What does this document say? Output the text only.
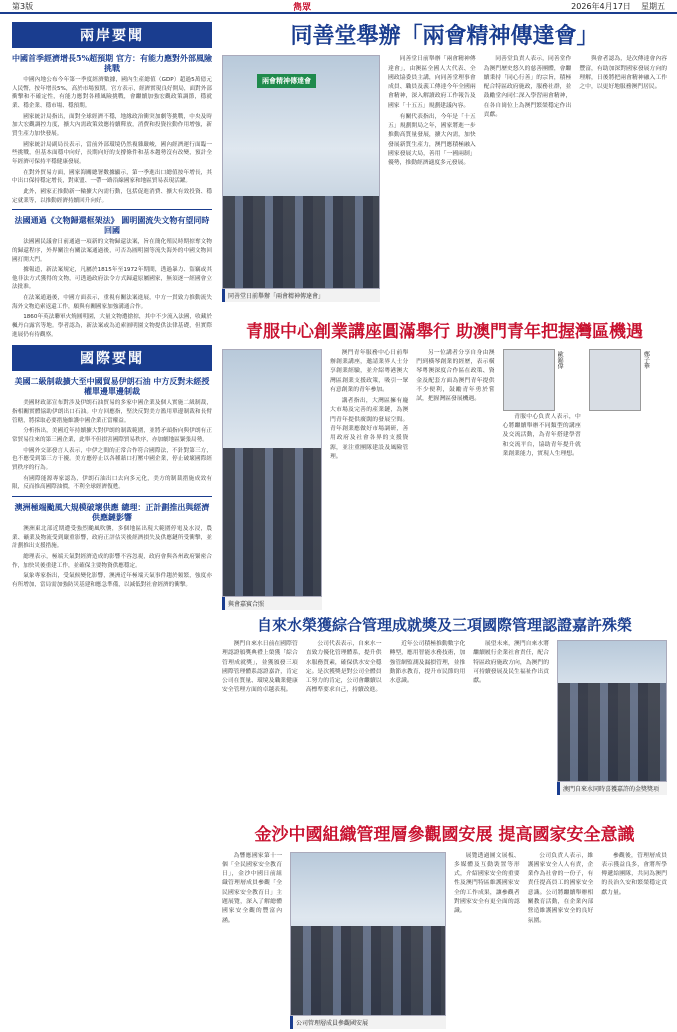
第3版	雋眾	2026年4月17日 星期五
兩岸要聞
中國首季經濟增長5%超預期 官方：有能力應對外部風險挑戰

中國內地公布今年第一季度經濟數據，國內生產總值（GDP）超過5萬億元人民幣，按年增長5%，高於市場預期。官方表示，經濟實現良好開局，面對外部衝擊和不確定性，有能力應對各種風險挑戰，會繼續加強宏觀政策調節，穩就業、穩企業、穩市場、穩預期。

國家統計局指出，面對全球經濟不穩，地緣政治衝突加劇等挑戰，中央及時加大宏觀調控力度，擴大內需政策效應持續釋放，消費和投資拉動作用增強，新質生產力加快發展。

國家統計局副局長表示，當前外部環境仍然複雜嚴峻，國內經濟運行面臨一些挑戰，但基本面穩中向好，長期向好的支撐條件和基本趨勢沒有改變，預計全年經濟可保持平穩健康發展。

在對外貿易方面，國家海關總署數據顯示，第一季進出口總值按年增長，其中出口保持穩定增長，對東盟、一帶一路沿線國家和地區貿易表現活躍。

此外，國家正推動新一輪擴大內需行動，包括促進消費、擴大有效投資、穩定就業等，以推動經濟持續回升向好。

法國通過《文物歸還框架法》 圓明園流失文物有望同時回國

法國國民議會日前通過一項新的文物歸還法案，旨在簡化殖民時期掠奪文物的歸還程序，外界關注有關法案通過後，可否為圓明園等流失海外的中國文物回國打開大門。

據報道，新法案規定，凡屬於1815年至1972年期間，透過暴力、盜竊或其他非法方式獲得的文物，可透過政府法令方式歸還原屬國家，無須逐一經國會立法批准。

在法案通過後，中國方面表示，重視有關法案進展，中方一貫致力推動流失海外文物追索返還工作，願與有關國家加強溝通合作。

1860年英法聯軍火燒圓明園，大量文物遭搶掠，其中不少流入法國，收藏於楓丹白露宮等地。學者認為，新法案或為追索圓明園文物提供法律基礎，但實際進展仍有待觀察。

國際要聞
美國二級制裁擴大至中國貿易伊朗石油 中方反對未經授權單邊單邊制裁

美國財政部宣布對涉及伊朗石油貿易的多家中國企業及個人實施二級制裁，指相關實體協助伊朗出口石油。中方回應指，堅決反對美方濫用單邊制裁和長臂管轄，將採取必要措施維護中國企業正當權益。

分析指出，美國近年持續擴大對伊朗的制裁範圍，並將矛頭指向與伊朗有正常貿易往來的第三國企業，此舉不但損害國際貿易秩序，亦加劇地區緊張局勢。

中國外交部發言人表示，中伊之間的正常合作符合國際法，不針對第三方，也不應受到第三方干擾。美方應停止以各種藉口打壓中國企業，停止破壞國際經貿秩序的行為。

有國際能源專家認為，伊朗石油出口去向多元化，美方的制裁措施成效有限，反而推高國際油價，不利全球經濟復甦。

澳洲極端颱風大規模破壞供應 總理：正計劃推出與經濟供應鏈影響

澳洲東北部近期遭受強烈颱風吹襲，多個地區出現大範圍停電及水浸，農業、礦業及物流受到嚴重影響，政府正評估災後經濟損失及供應鏈所受衝擊，並計劃推出支援措施。

總理表示，極端天氣對經濟造成的影響不容忽視，政府會與各州政府緊密合作，加快災後重建工作，並確保主要物資供應穩定。

氣象專家指出，受氣候變化影響，澳洲近年極端天氣事件趨於頻繁，強度亦有所增加，當局需加強防災基建和應急準備，以減低對社會經濟的衝擊。

同善堂舉辦「兩會精神傳達會」
兩會精神傳達會
同善堂日前舉辦「兩會精神傳達會」

同善堂日前舉辦「兩會精神傳達會」，由澳區全國人大代表、全國政協委員主講，向同善堂理事會成員、職員及義工傳達今年全國兩會精神，深入解讀政府工作報告及國家「十五五」規劃建議內容。

有關代表指出，今年是「十五五」規劃開局之年，國家將進一步推動高質量發展，擴大內需，加快發展新質生產力，澳門應積極融入國家發展大局，善用「一國兩制」優勢，推動經濟適度多元發展。

同善堂負責人表示，同善堂作為澳門歷史悠久的慈善團體，會繼續秉持「同心行善」的宗旨，積極配合特區政府施政，服務社群，並鼓勵堂內同仁深入學習兩會精神，在各自崗位上為澳門繁榮穩定作出貢獻。

與會者認為，是次傳達會內容豐富，有助加深對國家發展方向的理解，日後將把兩會精神融入工作之中，以更好地服務澳門居民。

青服中心創業講座圓滿舉行 助澳門青年把握灣區機遇
與會嘉賓合照

澳門青年服務中心日前舉辦創業講座，邀請業界人士分享創業經驗，並介紹粵港澳大灣區創業支援政策，吸引一眾有意創業的青年參加。

講者指出，大灣區擁有龐大市場及完善的產業鏈，為澳門青年提供廣闊的發展空間。青年創業應做好市場調研，善用政府及社會各界的支援資源，並注重團隊建設及風險管理。

另一位講者分享自身由澳門到橫琴創業的經歷，表示橫琴粵澳深度合作區在政策、資金及配套方面為澳門青年提供不少便利，鼓勵青年勇於嘗試，把握灣區發展機遇。

歐錦偉

青服中心負責人表示，中心將繼續舉辦不同類型的講座及交流活動，為青年搭建學習和交流平台，協助青年提升就業創業能力，實現人生理想。

鄭子華
自來水榮獲綜合管理成就獎及三項國際管理認證嘉許殊榮

澳門自來水日前在國際管理認證頒獎典禮上榮獲「綜合管理成就獎」，並獲頒發三項國際管理體系認證嘉許，肯定公司在質量、環境及職業健康安全管理方面的卓越表現。

公司代表表示，自來水一直致力優化管理體系，提升供水服務質素，確保供水安全穩定。是次獲獎是對公司全體員工努力的肯定，公司會繼續以高標準要求自己，持續改進。

近年公司積極推動數字化轉型，應用智能水務技術，加強管網監測及漏損管理，並推動節水教育，提升市民節約用水意識。

展望未來，澳門自來水將繼續履行企業社會責任，配合特區政府施政方向，為澳門的可持續發展及民生福祉作出貢獻。

澳門自來水同時喜獲嘉許的金獎獎項
金沙中國組織管理層參觀國安展 提高國家安全意識

為響應國家第十一個「全民國家安全教育日」，金沙中國日前組織管理層成員參觀「全民國家安全教育日」主題展覽，深入了解總體國家安全觀的豐富內涵。

公司管理層成員參觀國安展

展覽透過圖文展板、多媒體及互動裝置等形式，介紹國家安全的重要性及澳門特區維護國家安全的工作成果，讓參觀者對國家安全有更全面的認識。

公司負責人表示，維護國家安全人人有責，企業作為社會的一份子，有責任提高員工的國家安全意識。公司將繼續舉辦相關教育活動，在企業內部營造維護國家安全的良好氛圍。

參觀後，管理層成員表示獲益良多，會將所學傳遞給團隊，共同為澳門的長治久安和繁榮穩定貢獻力量。
